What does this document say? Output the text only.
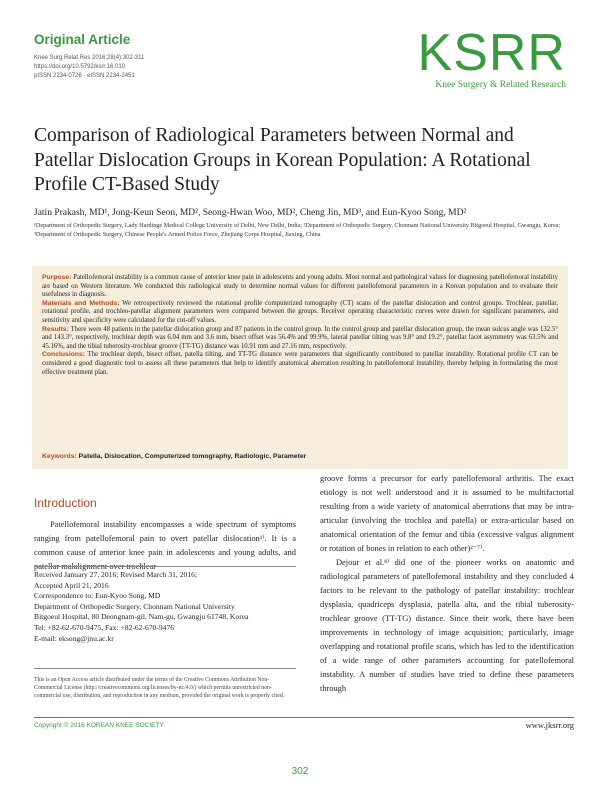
Original Article
Knee Surg Relat Res 2016;28(4):302-311
https://doi.org/10.5792/ksrr.16.010
pISSN 2234-0726 · eISSN 2234-2451	KSRR
Knee Surgery & Related Research
Comparison of Radiological Parameters between Normal and Patellar Dislocation Groups in Korean Population: A Rotational Profile CT-Based Study
Jatin Prakash, MD¹, Jong-Keun Seon, MD², Seong-Hwan Woo, MD², Cheng Jin, MD³, and Eun-Kyoo Song, MD²
¹Department of Orthopedic Surgery, Lady Hardinge Medical College University of Delhi, New Delhi, India; ²Department of Orthopedic Surgery, Chonnam National University Bitgoeul Hospital, Gwangju, Korea; ³Department of Orthopedic Surgery, Chinese People's Armed Police Force, Zhejiang Corps Hospital, Jiaxing, China

Purpose: Patellofemoral instability is a common cause of anterior knee pain in adolescents and young adults. Most normal and pathological values for diagnosing patellofemoral instability are based on Western literature. We conducted this radiological study to determine normal values for different patellofemoral parameters in a Korean population and to evaluate their usefulness in diagnosis.

Materials and Methods: We retrospectively reviewed the rotational profile computerized tomography (CT) scans of the patellar dislocation and control groups. Trochlear, patellar, rotational profile, and trochleo-patellar alignment parameters were compared between the groups. Receiver operating characteristic curves were drawn for significant parameters, and sensitivity and specificity were calculated for the cut-off values.

Results: There were 48 patients in the patellar dislocation group and 87 patients in the control group. In the control group and patellar dislocation group, the mean sulcus angle was 132.5° and 143.3°, respectively, trochlear depth was 6.04 mm and 3.6 mm, bisect offset was 56.4% and 99.9%, lateral patellar tilting was 9.8° and 19.2°, patellar facet asymmetry was 63.5% and 45.16%, and the tibial tuberosity-trochlear groove (TT-TG) distance was 10.91 mm and 27.16 mm, respectively.

Conclusions: The trochlear depth, bisect offset, patella tilting, and TT-TG distance were parameters that significantly contributed to patellar instability. Rotational profile CT can be considered a good diagnostic tool to assess all these parameters that help to identify anatomical aberration resulting in patellofemoral instability, thereby helping in formulating the most effective treatment plan.

Keywords: Patella, Dislocation, Computerized tomography, Radiologic, Parameter
Introduction

Patellofemoral instability encompasses a wide spectrum of symptoms ranging from patellofemoral pain to overt patellar dislocation¹⁾. It is a common cause of anterior knee pain in adolescents and young adults, and patellar malalignment over trochlear

groove forms a precursor for early patellofemoral arthritis. The exact etiology is not well understood and it is assumed to be multifactorial resulting from a wide variety of anatomical aberrations that may be intra-articular (involving the trochlea and patella) or extra-articular based on anatomical orientation of the femur and tibia (excessive valgus alignment or rotation of bones in relation to each other)²⁻⁷⁾.

Dejour et al.⁸⁾ did one of the pioneer works on anatomic and radiological parameters of patellofemoral instability and they concluded 4 factors to be relevant to the pathology of patellar instability: trochlear dysplasia, quadriceps dysplasia, patella alta, and the tibial tuberosity-trochlear groove (TT-TG) distance. Since their work, there have been improvements in technology of image acquisition; particularly, image overlapping and rotational profile scans, which has led to the identification of a wide range of other parameters accounting for patellofemoral instability. A number of studies have tried to define these parameters through

Received January 27, 2016; Revised March 31, 2016;
Accepted April 21, 2016
Correspondence to: Eun-Kyoo Song, MD
Department of Orthopedic Surgery, Chonnam National University
Bitgoeul Hospital, 80 Deongnam-gil, Nam-gu, Gwangju 61748, Korea
Tel: +82-62-670-9475, Fax: +82-62-670-9476
E-mail: eksong@jnu.ac.kr
This is an Open Access article distributed under the terms of the Creative Commons Attribution Non-Commercial License (http://creativecommons.org/licenses/by-nc/4.0/) which permits unrestricted non-commercial use, distribution, and reproduction in any medium, provided the original work is properly cited.
Copyright © 2016 KOREAN KNEE SOCIETY	www.jksrr.org
302
